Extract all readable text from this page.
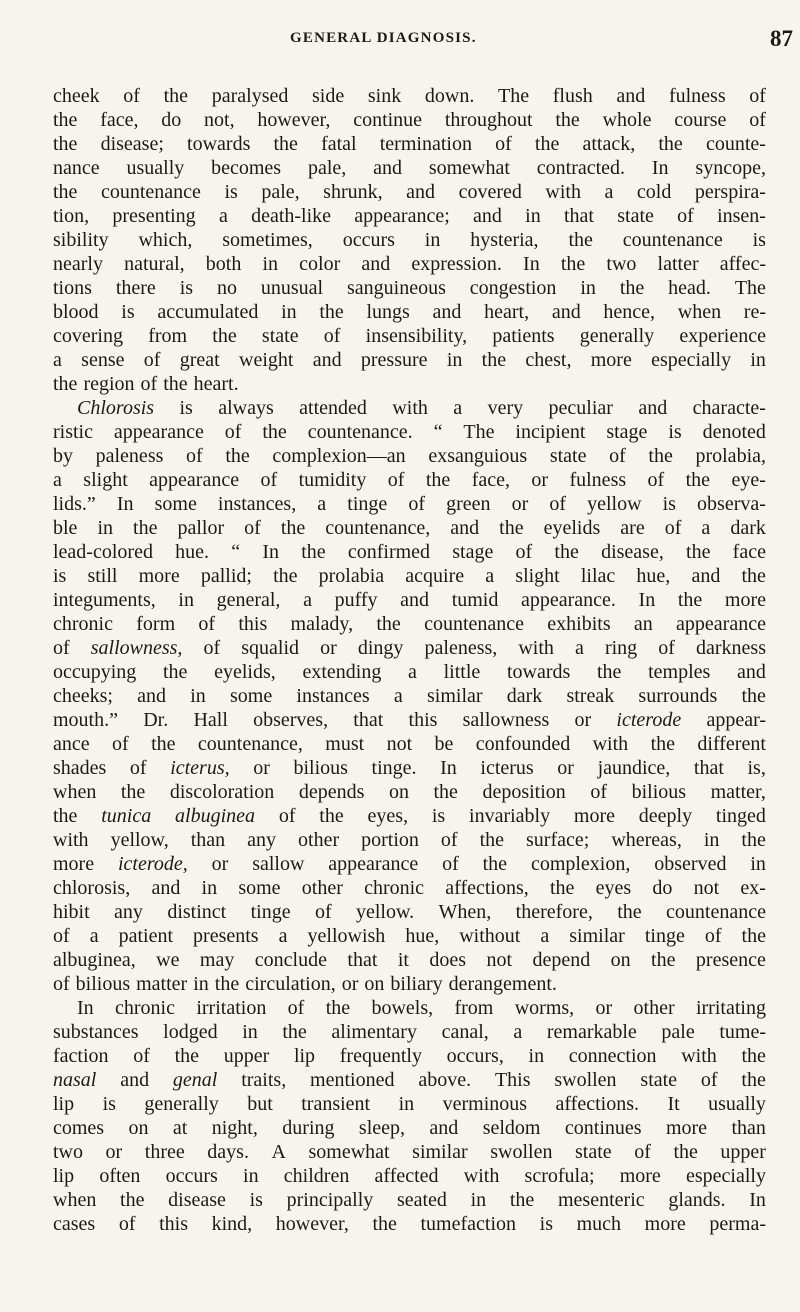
GENERAL DIAGNOSIS.	87
cheek of the paralysed side sink down. The flush and fulness of
the face, do not, however, continue throughout the whole course of
the disease; towards the fatal termination of the attack, the counte-
nance usually becomes pale, and somewhat contracted. In syncope,
the countenance is pale, shrunk, and covered with a cold perspira-
tion, presenting a death-like appearance; and in that state of insen-
sibility which, sometimes, occurs in hysteria, the countenance is
nearly natural, both in color and expression. In the two latter affec-
tions there is no unusual sanguineous congestion in the head. The
blood is accumulated in the lungs and heart, and hence, when re-
covering from the state of insensibility, patients generally experience
a sense of great weight and pressure in the chest, more especially in
the region of the heart.
Chlorosis is always attended with a very peculiar and characte-
ristic appearance of the countenance. “ The incipient stage is denoted
by paleness of the complexion—an exsanguious state of the prolabia,
a slight appearance of tumidity of the face, or fulness of the eye-
lids.” In some instances, a tinge of green or of yellow is observa-
ble in the pallor of the countenance, and the eyelids are of a dark
lead-colored hue. “ In the confirmed stage of the disease, the face
is still more pallid; the prolabia acquire a slight lilac hue, and the
integuments, in general, a puffy and tumid appearance. In the more
chronic form of this malady, the countenance exhibits an appearance
of sallowness, of squalid or dingy paleness, with a ring of darkness
occupying the eyelids, extending a little towards the temples and
cheeks; and in some instances a similar dark streak surrounds the
mouth.” Dr. Hall observes, that this sallowness or icterode appear-
ance of the countenance, must not be confounded with the different
shades of icterus, or bilious tinge. In icterus or jaundice, that is,
when the discoloration depends on the deposition of bilious matter,
the tunica albuginea of the eyes, is invariably more deeply tinged
with yellow, than any other portion of the surface; whereas, in the
more icterode, or sallow appearance of the complexion, observed in
chlorosis, and in some other chronic affections, the eyes do not ex-
hibit any distinct tinge of yellow. When, therefore, the countenance
of a patient presents a yellowish hue, without a similar tinge of the
albuginea, we may conclude that it does not depend on the presence
of bilious matter in the circulation, or on biliary derangement.
In chronic irritation of the bowels, from worms, or other irritating
substances lodged in the alimentary canal, a remarkable pale tume-
faction of the upper lip frequently occurs, in connection with the
nasal and genal traits, mentioned above. This swollen state of the
lip is generally but transient in verminous affections. It usually
comes on at night, during sleep, and seldom continues more than
two or three days. A somewhat similar swollen state of the upper
lip often occurs in children affected with scrofula; more especially
when the disease is principally seated in the mesenteric glands. In
cases of this kind, however, the tumefaction is much more perma-
